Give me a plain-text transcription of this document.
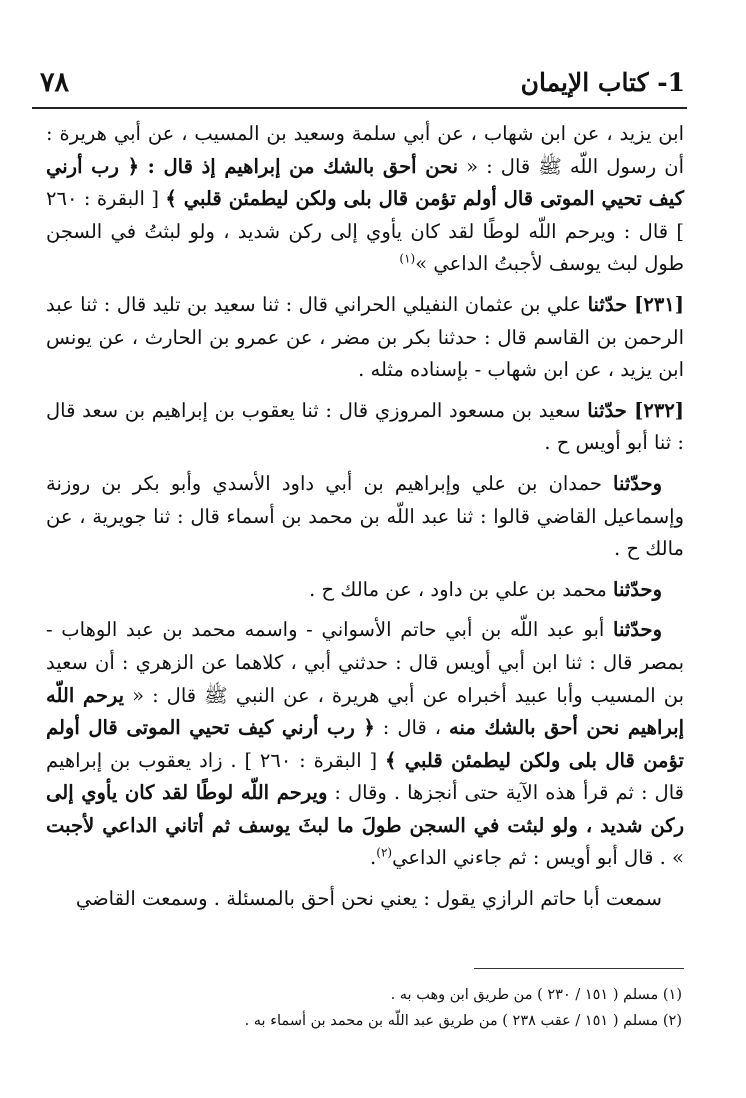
٧٨	1- كتاب الإيمان

ابن يزيد ، عن ابن شهاب ، عن أبي سلمة وسعيد بن المسيب ، عن أبي هريرة : أن رسول اللّه ﷺ قال : « نحن أحق بالشك من إبراهيم إذ قال : ﴿ رب أرني كيف تحيي الموتى قال أولم تؤمن قال بلى ولكن ليطمئن قلبي ﴾ [ البقرة : ٢٦٠ ] قال : ويرحم اللّه لوطًا لقد كان يأوي إلى ركن شديد ، ولو لبثتُ في السجن طول لبث يوسف لأجبتُ الداعي »$^{(١)}$

[٢٣١] حدّثنا علي بن عثمان النفيلي الحراني قال : ثنا سعيد بن تليد قال : ثنا عبد الرحمن بن القاسم قال : حدثنا بكر بن مضر ، عن عمرو بن الحارث ، عن يونس ابن يزيد ، عن ابن شهاب - بإسناده مثله .

[٢٣٢] حدّثنا سعيد بن مسعود المروزي قال : ثنا يعقوب بن إبراهيم بن سعد قال : ثنا أبو أويس ح .

وحدّثنا حمدان بن علي وإبراهيم بن أبي داود الأسدي وأبو بكر بن روزنة وإسماعيل القاضي قالوا : ثنا عبد اللّه بن محمد بن أسماء قال : ثنا جويرية ، عن مالك ح .

وحدّثنا محمد بن علي بن داود ، عن مالك ح .

وحدّثنا أبو عبد اللّه بن أبي حاتم الأسواني - واسمه محمد بن عبد الوهاب - بمصر قال : ثنا ابن أبي أويس قال : حدثني أبي ، كلاهما عن الزهري : أن سعيد بن المسيب وأبا عبيد أخبراه عن أبي هريرة ، عن النبي ﷺ قال : « يرحم اللّه إبراهيم نحن أحق بالشك منه ، قال : ﴿ رب أرني كيف تحيي الموتى قال أولم تؤمن قال بلى ولكن ليطمئن قلبي ﴾ [ البقرة : ٢٦٠ ] . زاد يعقوب بن إبراهيم قال : ثم قرأ هذه الآية حتى أنجزها . وقال : ويرحم اللّه لوطًا لقد كان يأوي إلى ركن شديد ، ولو لبثت في السجن طولَ ما لبثَ يوسف ثم أتاني الداعي لأجبت » . قال أبو أويس : ثم جاءني الداعي$^{(٢)}$.

سمعت أبا حاتم الرازي يقول : يعني نحن أحق بالمسئلة . وسمعت القاضي

(١) مسلم ( ١٥١ / ٢٣٠ ) من طريق ابن وهب به .

(٢) مسلم ( ١٥١ / عقب ٢٣٨ ) من طريق عبد اللّه بن محمد بن أسماء به .
